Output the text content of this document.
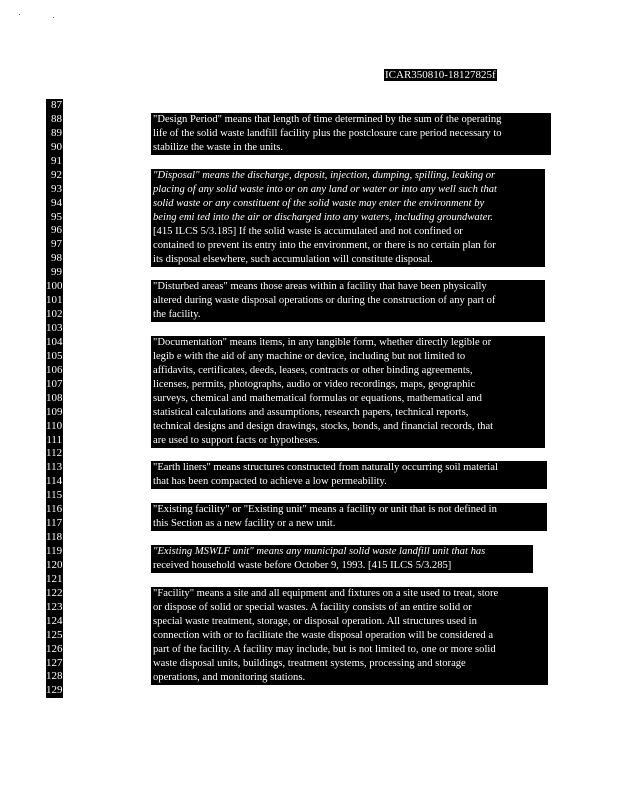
ICAR350810-18127825f
87
88
89
90
91
92
93
94
95
96
97
98
99
100
101
102
103
104
105
106
107
108
109
110
111
112
113
114
115
116
117
118
119
120
121
122
123
124
125
126
127
128
129
"Design Period" means that length of time determined by the sum of the operating
life of the solid waste landfill facility plus the postclosure care period necessary to
stabilize the waste in the units.
"Disposal" means the discharge, deposit, injection, dumping, spilling, leaking or
placing of any solid waste into or on any land or water or into any well such that
solid waste or any constituent of the solid waste may enter the environment by
being emi ted into the air or discharged into any waters, including groundwater.
[415 ILCS 5/3.185] If the solid waste is accumulated and not confined or
contained to prevent its entry into the environment, or there is no certain plan for
its disposal elsewhere, such accumulation will constitute disposal.
"Disturbed areas" means those areas within a facility that have been physically
altered during waste disposal operations or during the construction of any part of
the facility.
"Documentation" means items, in any tangible form, whether directly legible or
legib e with the aid of any machine or device, including but not limited to
affidavits, certificates, deeds, leases, contracts or other binding agreements,
licenses, permits, photographs, audio or video recordings, maps, geographic
surveys, chemical and mathematical formulas or equations, mathematical and
statistical calculations and assumptions, research papers, technical reports,
technical designs and design drawings, stocks, bonds, and financial records, that
are used to support facts or hypotheses.
"Earth liners" means structures constructed from naturally occurring soil material
that has been compacted to achieve a low permeability.
"Existing facility" or "Existing unit" means a facility or unit that is not defined in
this Section as a new facility or a new unit.
"Existing MSWLF unit" means any municipal solid waste landfill unit that has
received household waste before October 9, 1993. [415 ILCS 5/3.285]
"Facility" means a site and all equipment and fixtures on a site used to treat, store
or dispose of solid or special wastes. A facility consists of an entire solid or
special waste treatment, storage, or disposal operation. All structures used in
connection with or to facilitate the waste disposal operation will be considered a
part of the facility. A facility may include, but is not limited to, one or more solid
waste disposal units, buildings, treatment systems, processing and storage
operations, and monitoring stations.
